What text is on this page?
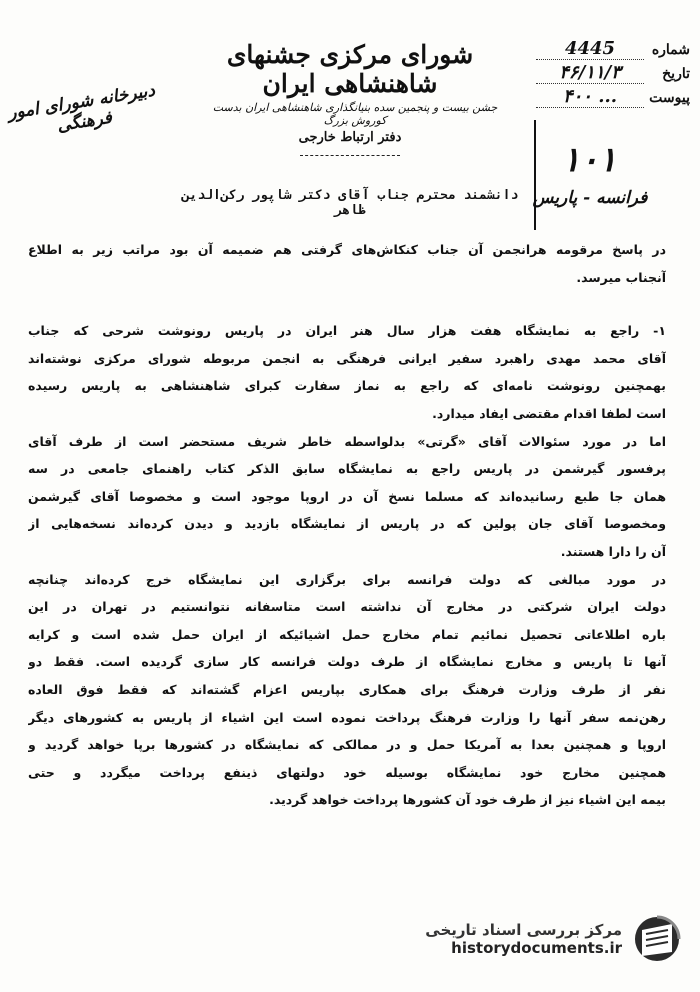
شورای مرکزی جشنهای شاهنشاهی ایران
جشن بیست و پنجمین سده بنیانگذاری شاهنشاهی ایران بدست کوروش بزرگ
دفتر ارتباط خارجی
شماره
4445
تاریخ
۴۶/۱۱/۳
پیوست
۴۰۰ ...
۱۰۱
فرانسه - پاریس
دبیرخانه شورای امور فرهنگی
دانشمند محترم جناب آقای دکتر شاپور رکن‌الدین ظاهر
در پاسخ مرقومه هرانجمن آن جناب کنکاش‌های گرفتی هم ضمیمه آن بود مراتب زیر به اطلاع
آنجناب میرسد.
۱- راجع به نمایشگاه هفت هزار سال هنر ایران در پاریس رونوشت شرحی که جناب
آقای محمد مهدی راهبرد سفیر ایرانی فرهنگی به انجمن مربوطه شورای مرکزی نوشته‌اند
بهمچنین رونوشت نامه‌ای که راجع به نماز سفارت کبرای شاهنشاهی به پاریس رسیده
است لطفا اقدام مقتضی ایفاد میدارد.
اما در مورد سئوالات آقای «گرتی» بدلواسطه خاطر شریف مستحضر است از طرف آقای
پرفسور گیرشمن در پاریس راجع به نمایشگاه سابق الذکر کتاب راهنمای جامعی در سه
همان جا طبع رسانیده‌اند که مسلما نسخ آن در اروپا موجود است و مخصوصا آقای گیرشمن
ومخصوصا آقای جان پولین که در پاریس از نمایشگاه بازدید و دیدن کرده‌اند نسخه‌هایی از
آن را دارا هستند.
در مورد مبالغی که دولت فرانسه برای برگزاری این نمایشگاه خرج کرده‌اند چنانچه
دولت ایران شرکتی در مخارج آن نداشته است متاسفانه نتوانستیم در تهران در این
باره اطلاعاتی تحصیل نمائیم تمام مخارج حمل اشیائیکه از ایران حمل شده است و کرایه
آنها تا پاریس و مخارج نمایشگاه از طرف دولت فرانسه کار سازی گردیده است. فقط دو
نفر از طرف وزارت فرهنگ برای همکاری بپاریس اعزام گشته‌اند که فقط فوق العاده
رهن‌نمه سفر آنها را وزارت فرهنگ پرداخت نموده است این اشیاء از پاریس به کشورهای دیگر
اروپا و همچنین بعدا به آمریکا حمل و در ممالکی که نمایشگاه در کشورها برپا خواهد گردید و
همچنین مخارج خود نمایشگاه بوسیله خود دولتهای ذینفع پرداخت میگردد و حتی
بیمه این اشیاء نیز از طرف خود آن کشورها پرداخت خواهد گردید.
مرکز بررسی اسناد تاریخی
historydocuments.ir
